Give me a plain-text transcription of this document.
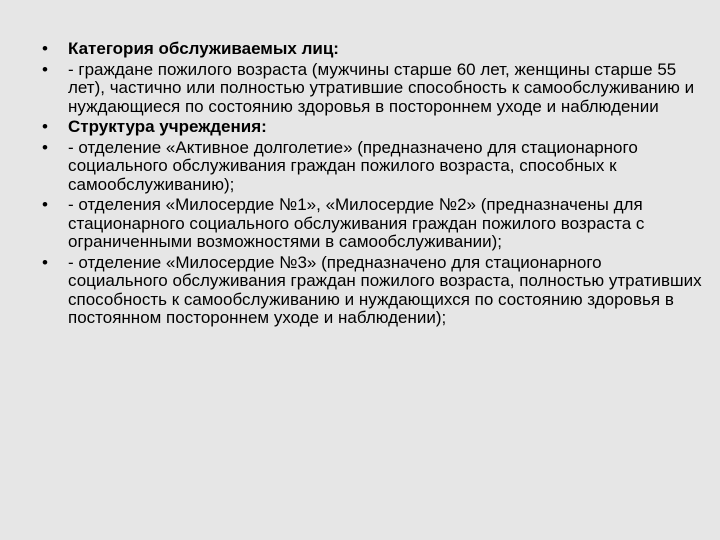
•	Категория обслуживаемых лиц:
•	- граждане пожилого возраста (мужчины старше 60 лет, женщины старше 55 лет), частично или полностью утратившие способность к самообслуживанию и нуждающиеся по состоянию здоровья в постороннем уходе и наблюдении
•	Структура учреждения:
•	- отделение «Активное долголетие» (предназначено для стационарного социального обслуживания граждан пожилого возраста, способных к самообслуживанию);
•	- отделения «Милосердие №1», «Милосердие №2» (предназначены для стационарного социального обслуживания граждан пожилого возраста с ограниченными возможностями в самообслуживании);
•	- отделение «Милосердие №3» (предназначено для стационарного социального обслуживания граждан пожилого возраста, полностью утративших способность к самообслуживанию и нуждающихся по состоянию здоровья в постоянном постороннем уходе и наблюдении);
